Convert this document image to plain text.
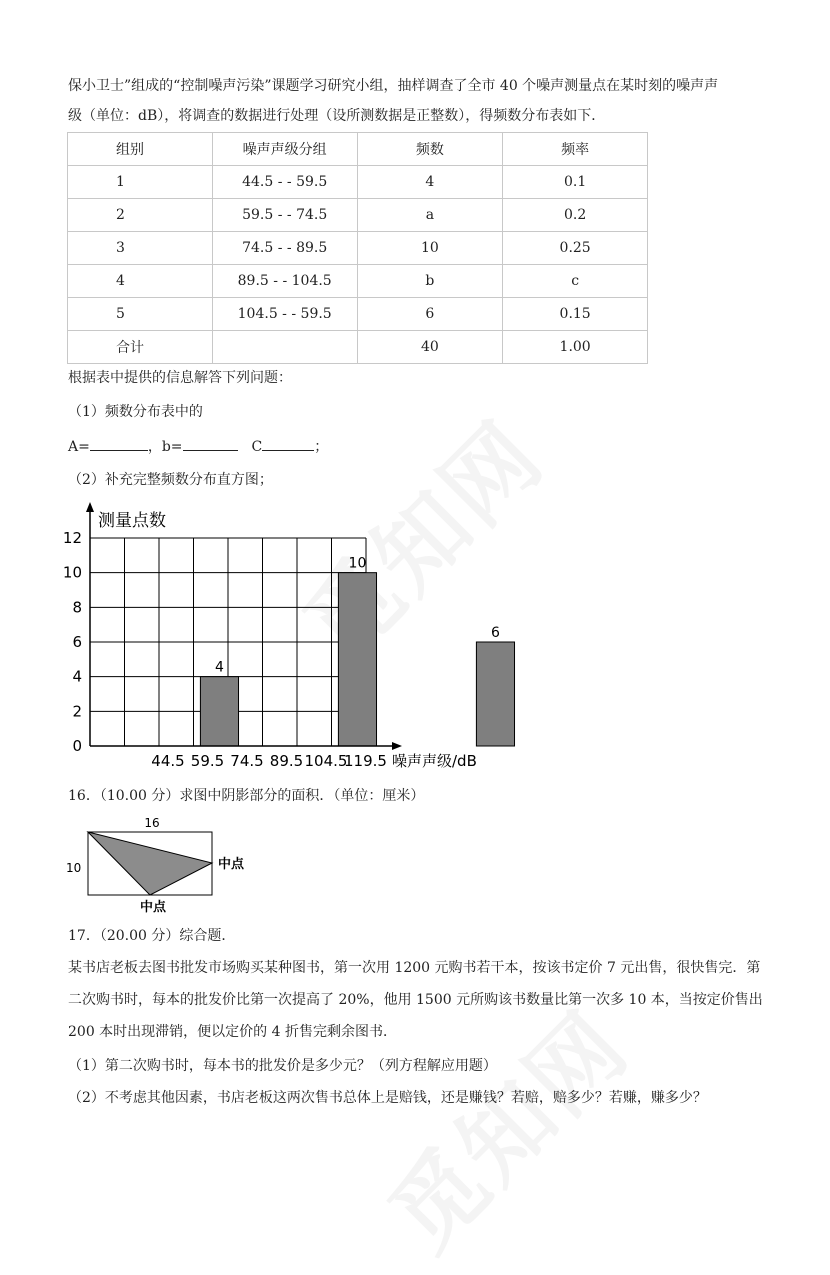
保小卫士”组成的“控制噪声污染”课题学习研究小组，抽样调查了全市 40 个噪声测量点在某时刻的噪声声
级（单位：dB），将调查的数据进行处理（设所测数据是正整数），得频数分布表如下．
组别	噪声声级分组	频数	频率
1	44.5 - - 59.5	4	0.1
2	59.5 - - 74.5	a	0.2
3	74.5 - - 89.5	10	0.25
4	89.5 - - 104.5	b	c
5	104.5 - - 59.5	6	0.15
合计		40	1.00
根据表中提供的信息解答下列问题：
（1）频数分布表中的
A=	，b=	C	；
（2）补充完整频数分布直方图；
0
2
4
6
8
10
12
44.5 59.5 74.5 89.5 104.5
119.5
4
10
6
测量点数
噪声声级/dB
16．（10.00 分）求图中阴影部分的面积．（单位：厘米）
16
10	中点
中点
17．（20.00 分）综合题．
某书店老板去图书批发市场购买某种图书，第一次用 1200 元购书若干本，按该书定价 7 元出售，很快售完．第
二次购书时，每本的批发价比第一次提高了 20%，他用 1500 元所购该书数量比第一次多 10 本，当按定价售出
200 本时出现滞销，便以定价的 4 折售完剩余图书．
（1）第二次购书时，每本书的批发价是多少元？（列方程解应用题）
（2）不考虑其他因素，书店老板这两次售书总体上是赔钱，还是赚钱？若赔，赔多少？若赚，赚多少？
